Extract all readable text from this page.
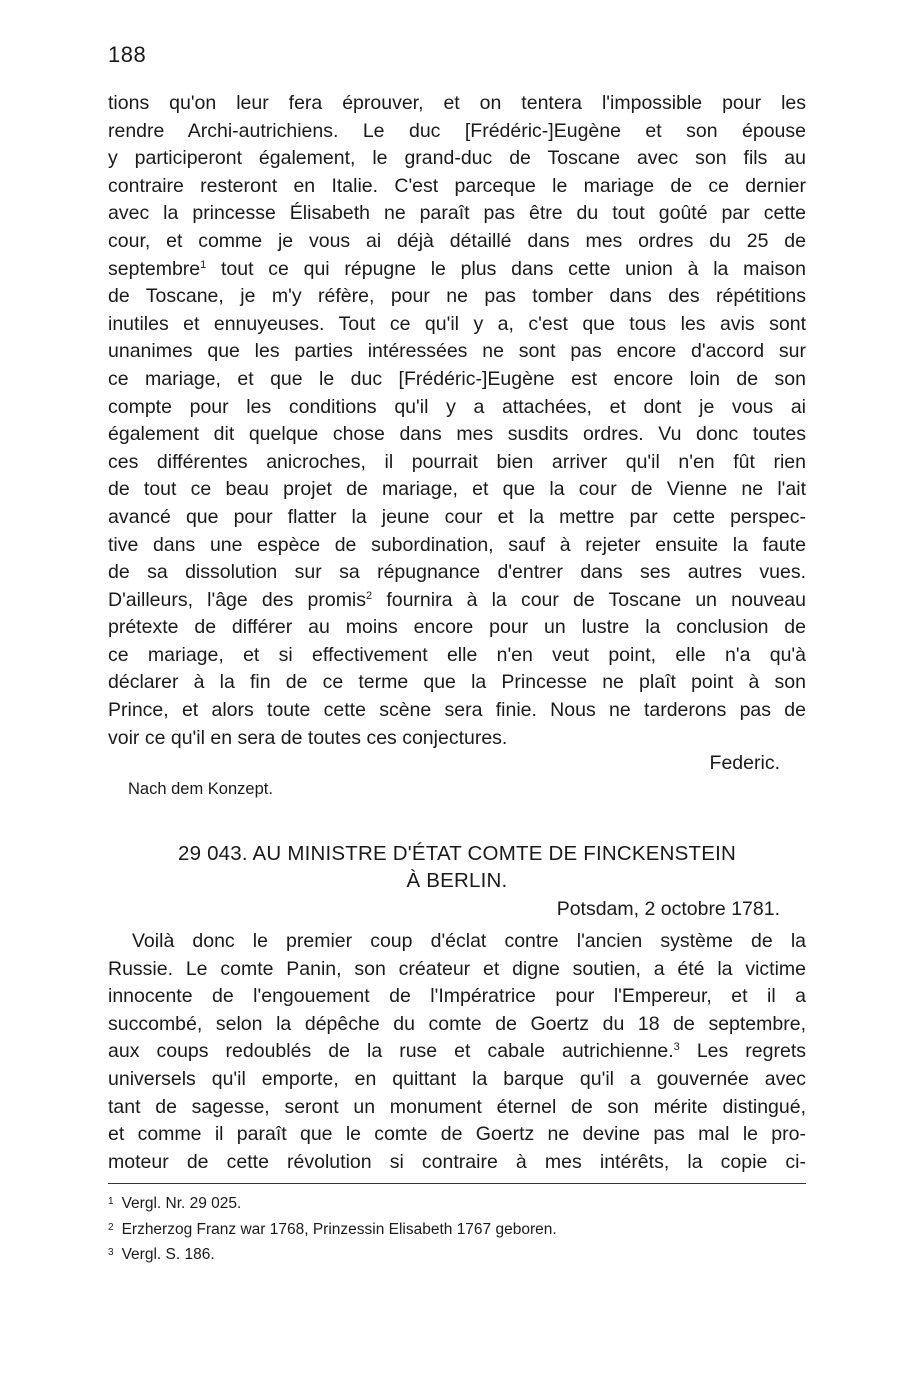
188
tions qu'on leur fera éprouver, et on tentera l'impossible pour les
rendre Archi-autrichiens. Le duc [Frédéric-]Eugène et son épouse
y participeront également, le grand-duc de Toscane avec son fils au
contraire resteront en Italie. C'est parceque le mariage de ce dernier
avec la princesse Élisabeth ne paraît pas être du tout goûté par cette
cour, et comme je vous ai déjà détaillé dans mes ordres du 25 de
septembre$^1$ tout ce qui répugne le plus dans cette union à la maison
de Toscane, je m'y réfère, pour ne pas tomber dans des répétitions
inutiles et ennuyeuses. Tout ce qu'il y a, c'est que tous les avis sont
unanimes que les parties intéressées ne sont pas encore d'accord sur
ce mariage, et que le duc [Frédéric-]Eugène est encore loin de son
compte pour les conditions qu'il y a attachées, et dont je vous ai
également dit quelque chose dans mes susdits ordres. Vu donc toutes
ces différentes anicroches, il pourrait bien arriver qu'il n'en fût rien
de tout ce beau projet de mariage, et que la cour de Vienne ne l'ait
avancé que pour flatter la jeune cour et la mettre par cette perspec-
tive dans une espèce de subordination, sauf à rejeter ensuite la faute
de sa dissolution sur sa répugnance d'entrer dans ses autres vues.
D'ailleurs, l'âge des promis$^2$ fournira à la cour de Toscane un nouveau
prétexte de différer au moins encore pour un lustre la conclusion de
ce mariage, et si effectivement elle n'en veut point, elle n'a qu'à
déclarer à la fin de ce terme que la Princesse ne plaît point à son
Prince, et alors toute cette scène sera finie. Nous ne tarderons pas de
voir ce qu'il en sera de toutes ces conjectures.
Federic.
Nach dem Konzept.
29 043. AU MINISTRE D'ÉTAT COMTE DE FINCKENSTEIN
À BERLIN.
Potsdam, 2 octobre 1781.
Voilà donc le premier coup d'éclat contre l'ancien système de la
Russie. Le comte Panin, son créateur et digne soutien, a été la victime
innocente de l'engouement de l'Impératrice pour l'Empereur, et il a
succombé, selon la dépêche du comte de Goertz du 18 de septembre,
aux coups redoublés de la ruse et cabale autrichienne.$^3$ Les regrets
universels qu'il emporte, en quittant la barque qu'il a gouvernée avec
tant de sagesse, seront un monument éternel de son mérite distingué,
et comme il paraît que le comte de Goertz ne devine pas mal le pro-
moteur de cette révolution si contraire à mes intérêts, la copie ci-
$^1$ Vergl. Nr. 29 025.
$^2$ Erzherzog Franz war 1768, Prinzessin Elisabeth 1767 geboren.
$^3$ Vergl. S. 186.
